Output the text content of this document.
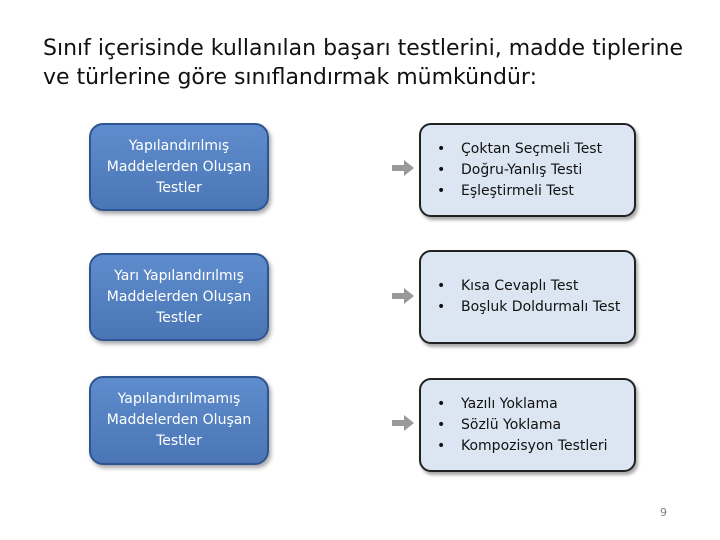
Sınıf içerisinde kullanılan başarı testlerini, madde tiplerine ve türlerine göre sınıflandırmak mümkündür:
Yapılandırılmış Maddelerden Oluşan Testler
• Çoktan Seçmeli Test
• Doğru-Yanlış Testi
• Eşleştirmeli Test
Yarı Yapılandırılmış Maddelerden Oluşan Testler
• Kısa Cevaplı Test
• Boşluk Doldurmalı Test
Yapılandırılmamış Maddelerden Oluşan Testler
• Yazılı Yoklama
• Sözlü Yoklama
• Kompozisyon Testleri
9
